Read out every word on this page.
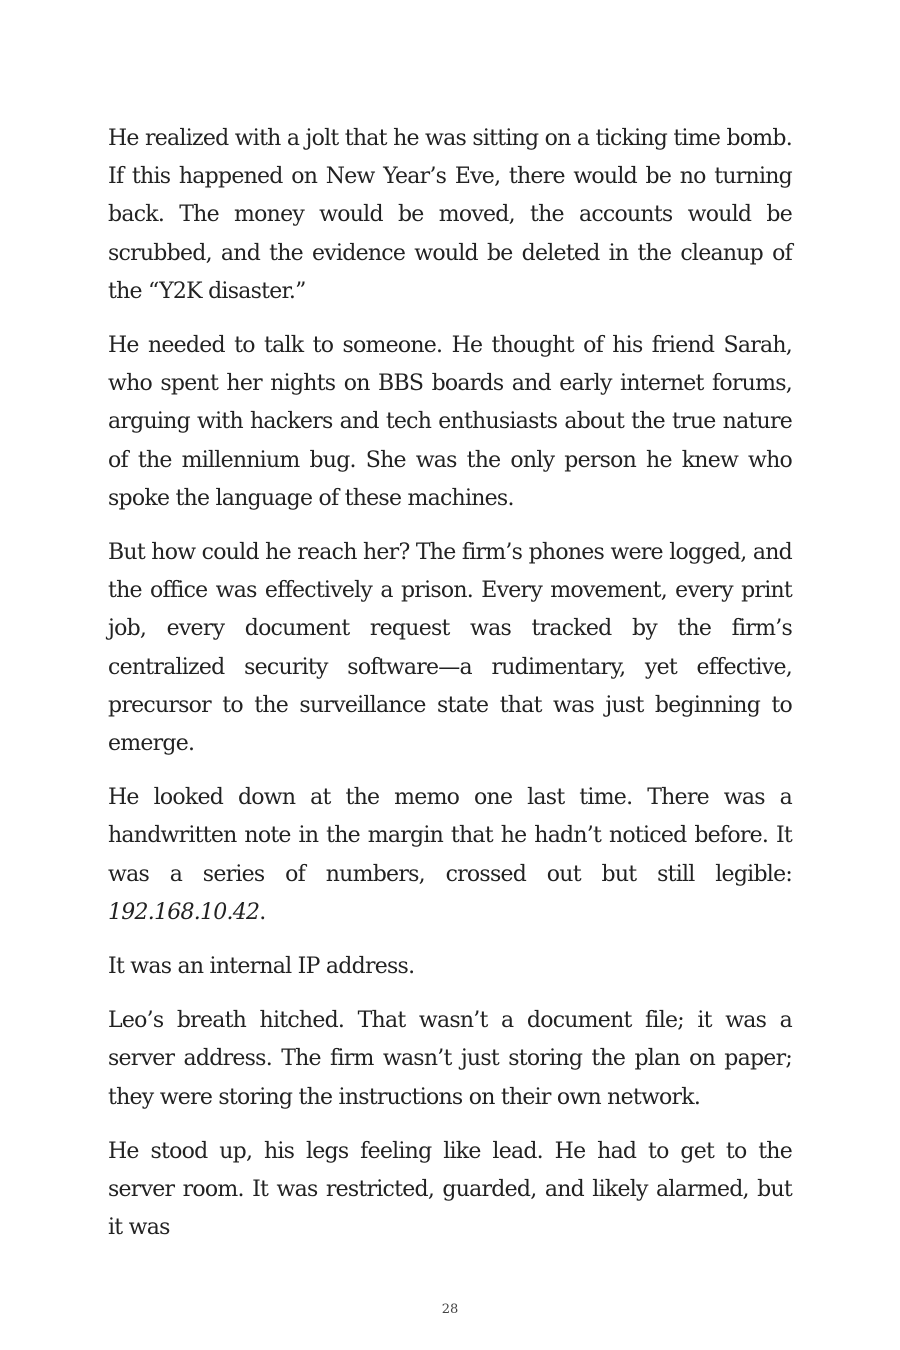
He realized with a jolt that he was sitting on a ticking time bomb. If this happened on New Year’s Eve, there would be no turning back. The money would be moved, the accounts would be scrubbed, and the evidence would be deleted in the cleanup of the “Y2K disaster.”

He needed to talk to someone. He thought of his friend Sarah, who spent her nights on BBS boards and early internet forums, arguing with hackers and tech enthusiasts about the true nature of the millennium bug. She was the only person he knew who spoke the language of these machines.

But how could he reach her? The firm’s phones were logged, and the office was effectively a prison. Every movement, every print job, every document request was tracked by the firm’s centralized security software—a rudimentary, yet effective, precursor to the surveillance state that was just beginning to emerge.

He looked down at the memo one last time. There was a handwritten note in the margin that he hadn’t noticed before. It was a series of numbers, crossed out but still legible: 192.168.10.42.

It was an internal IP address.

Leo’s breath hitched. That wasn’t a document file; it was a server address. The firm wasn’t just storing the plan on paper; they were storing the instructions on their own network.

He stood up, his legs feeling like lead. He had to get to the server room. It was restricted, guarded, and likely alarmed, but it was

28
